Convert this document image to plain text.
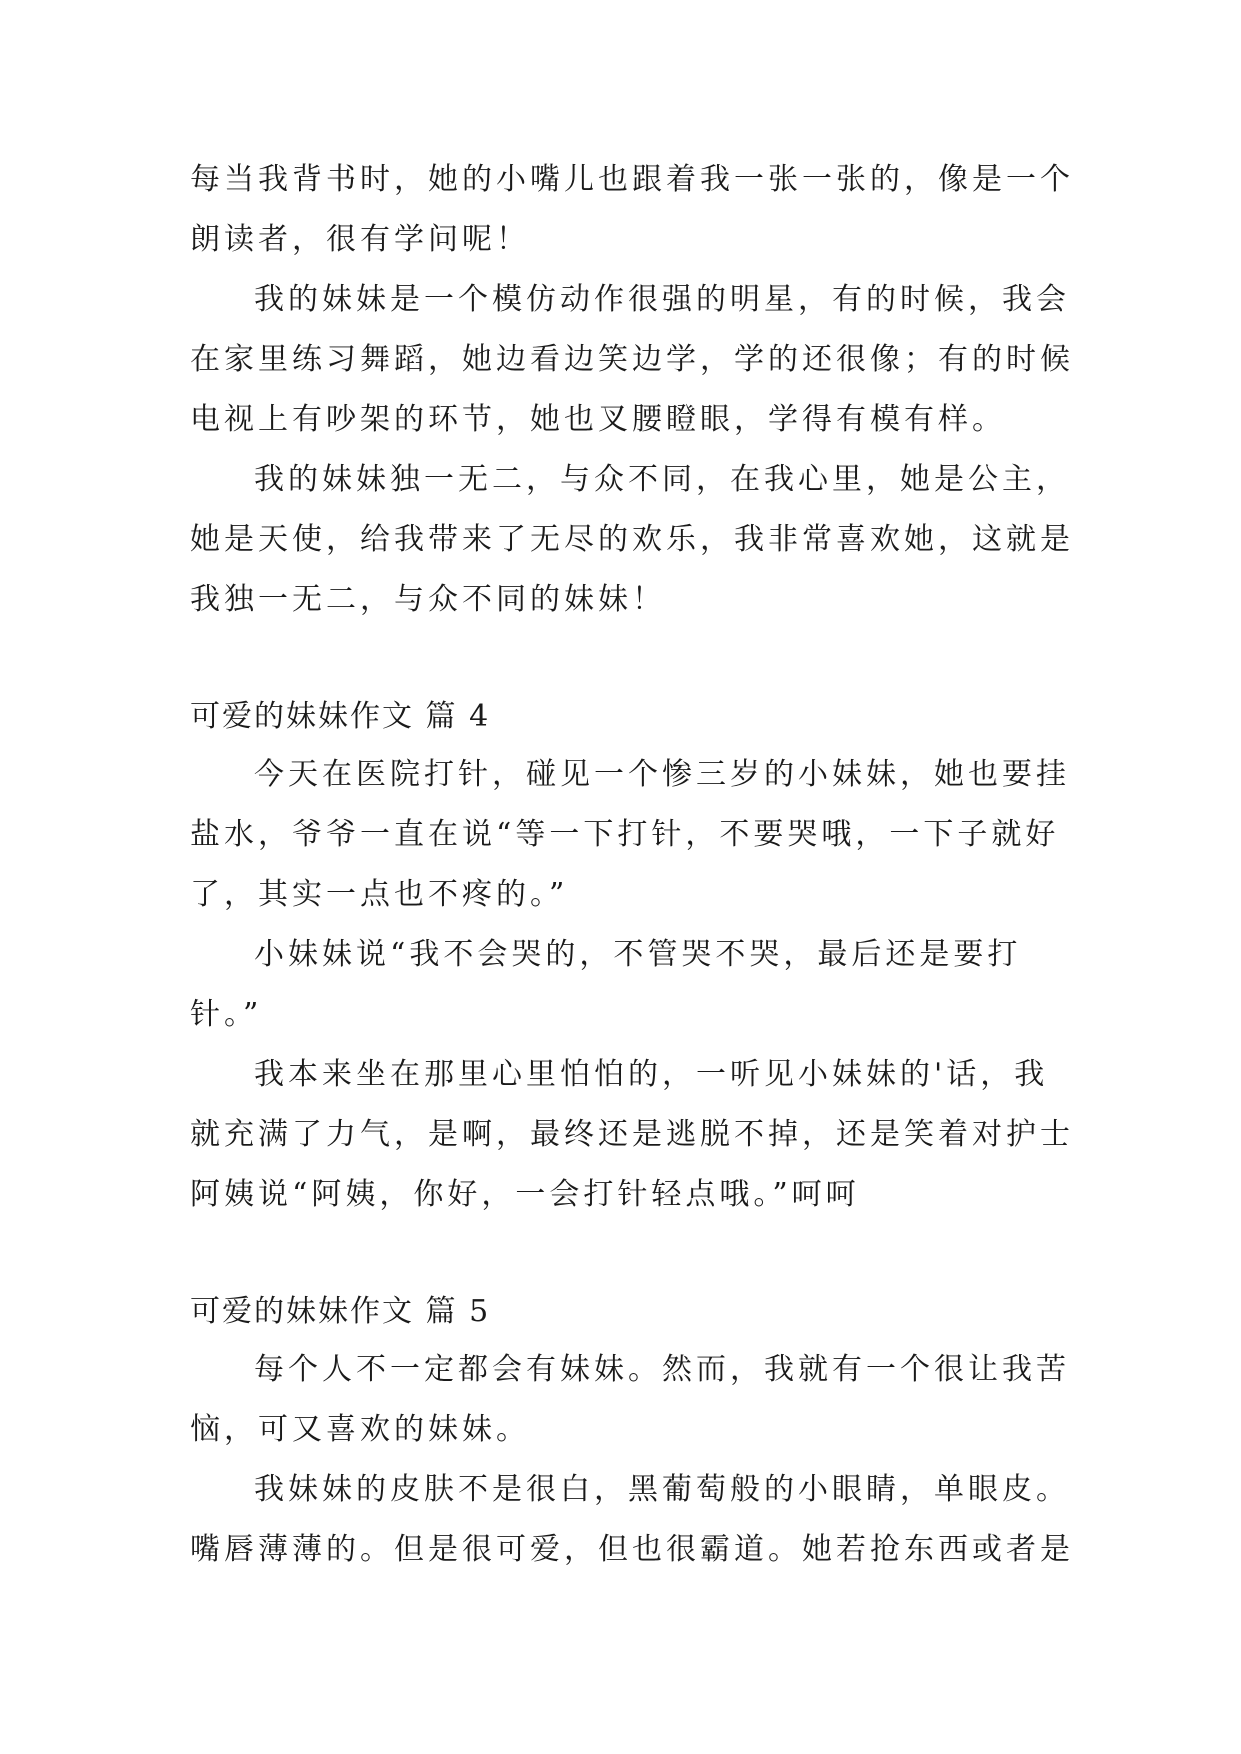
每当我背书时，她的小嘴儿也跟着我一张一张的，像是一个
朗读者，很有学问呢！
我的妹妹是一个模仿动作很强的明星，有的时候，我会
在家里练习舞蹈，她边看边笑边学，学的还很像；有的时候
电视上有吵架的环节，她也叉腰瞪眼，学得有模有样。
我的妹妹独一无二，与众不同，在我心里，她是公主，
她是天使，给我带来了无尽的欢乐，我非常喜欢她，这就是
我独一无二，与众不同的妹妹！
可爱的妹妹作文 篇 4
今天在医院打针，碰见一个惨三岁的小妹妹，她也要挂
盐水，爷爷一直在说“等一下打针，不要哭哦，一下子就好
了，其实一点也不疼的。”
小妹妹说“我不会哭的，不管哭不哭，最后还是要打
针。”
我本来坐在那里心里怕怕的，一听见小妹妹的'话，我
就充满了力气，是啊，最终还是逃脱不掉，还是笑着对护士
阿姨说“阿姨，你好，一会打针轻点哦。”呵呵
可爱的妹妹作文 篇 5
每个人不一定都会有妹妹。然而，我就有一个很让我苦
恼，可又喜欢的妹妹。
我妹妹的皮肤不是很白，黑葡萄般的小眼睛，单眼皮。
嘴唇薄薄的。但是很可爱，但也很霸道。她若抢东西或者是
